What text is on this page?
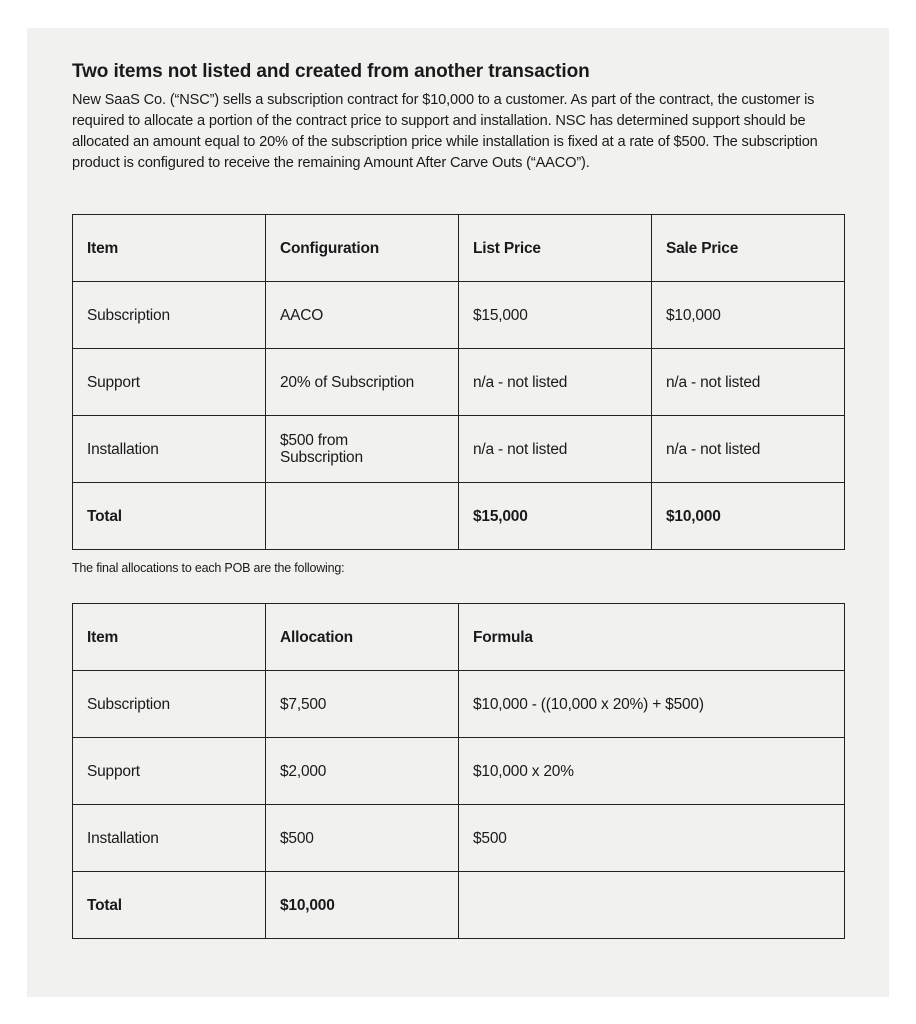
Two items not listed and created from another transaction

New SaaS Co. (“NSC”) sells a subscription contract for $10,000 to a customer. As part of the contract, the customer is required to allocate a portion of the contract price to support and installation. NSC has determined support should be allocated an amount equal to 20% of the subscription price while installation is fixed at a rate of $500. The subscription product is configured to receive the remaining Amount After Carve Outs (“AACO”).

Item	Configuration	List Price	Sale Price
Subscription	AACO	$15,000	$10,000
Support	20% of Subscription	n/a - not listed	n/a - not listed
Installation	$500 from Subscription	n/a - not listed	n/a - not listed
Total		$15,000	$10,000

The final allocations to each POB are the following:

Item	Allocation	Formula
Subscription	$7,500	$10,000 - ((10,000 x 20%) + $500)
Support	$2,000	$10,000 x 20%
Installation	$500	$500
Total	$10,000	
